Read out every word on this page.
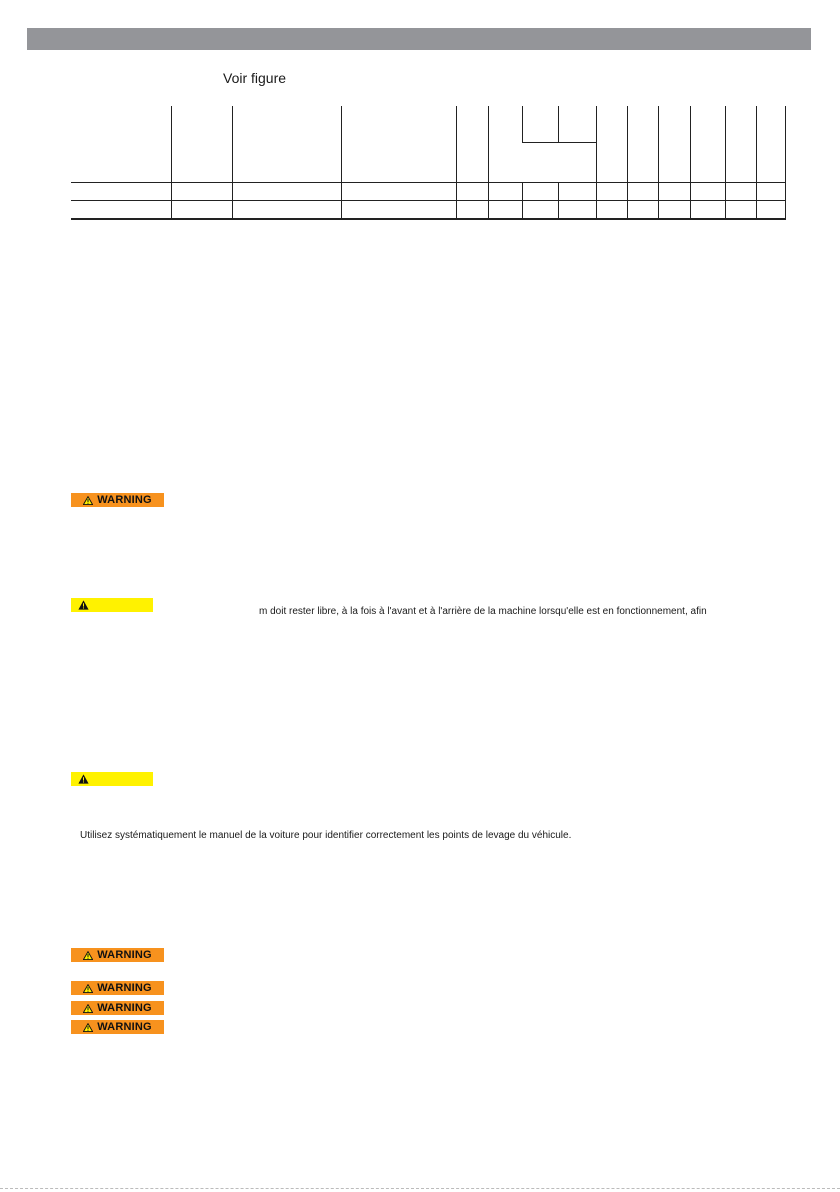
Voir figure

WARNING
m doit rester libre, à la fois à l'avant et à l'arrière de la machine lorsqu'elle est en fonctionnement, afin
Utilisez systématiquement le manuel de la voiture pour identifier correctement les points de levage du véhicule.
WARNING
WARNING
WARNING
WARNING
